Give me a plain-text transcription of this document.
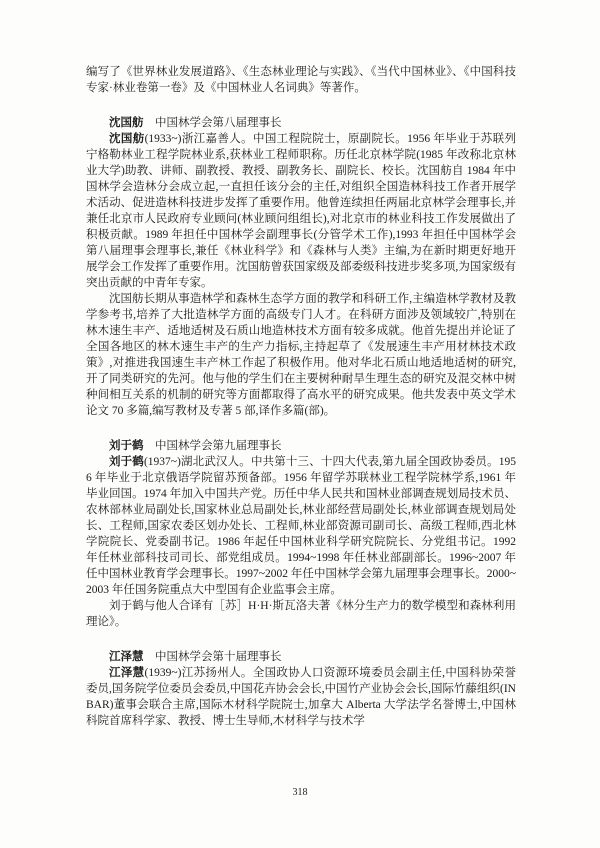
编写了《世界林业发展道路》、《生态林业理论与实践》、《当代中国林业》、《中国科技专家·林业卷第一卷》及《中国林业人名词典》等著作。

沈国舫 中国林学会第八届理事长

沈国舫(1933~)浙江嘉善人。中国工程院院士，原副院长。1956 年毕业于苏联列宁格勒林业工程学院林业系,获林业工程师职称。历任北京林学院(1985 年改称北京林业大学)助教、讲师、副教授、教授、副教务长、副院长、校长。沈国舫自 1984 年中国林学会造林分会成立起,一直担任该分会的主任,对组织全国造林科技工作者开展学术活动、促进造林科技进步发挥了重要作用。他曾连续担任两届北京林学会理事长,并兼任北京市人民政府专业顾问(林业顾问组组长),对北京市的林业科技工作发展做出了积极贡献。1989 年担任中国林学会副理事长(分管学术工作),1993 年担任中国林学会第八届理事会理事长,兼任《林业科学》和《森林与人类》主编,为在新时期更好地开展学会工作发挥了重要作用。沈国舫曾获国家级及部委级科技进步奖多项,为国家级有突出贡献的中青年专家。

沈国舫长期从事造林学和森林生态学方面的教学和科研工作,主编造林学教材及教学参考书,培养了大批造林学方面的高级专门人才。在科研方面涉及领域较广,特别在林木速生丰产、适地适树及石质山地造林技术方面有较多成就。他首先提出并论证了全国各地区的林木速生丰产的生产力指标,主持起草了《发展速生丰产用材林技术政策》,对推进我国速生丰产林工作起了积极作用。他对华北石质山地适地适树的研究,开了同类研究的先河。他与他的学生们在主要树种耐旱生理生态的研究及混交林中树种间相互关系的机制的研究等方面都取得了高水平的研究成果。他共发表中英文学术论文 70 多篇,编写教材及专著 5 部,译作多篇(部)。

刘于鹤 中国林学会第九届理事长

刘于鹤(1937~)湖北武汉人。中共第十三、十四大代表,第九届全国政协委员。1956 年毕业于北京俄语学院留苏预备部。1956 年留学苏联林业工程学院林学系,1961 年毕业回国。1974 年加入中国共产党。历任中华人民共和国林业部调查规划局技术员、农林部林业局副处长,国家林业总局副处长,林业部经营局副处长,林业部调查规划局处长、工程师,国家农委区划办处长、工程师,林业部资源司副司长、高级工程师,西北林学院院长、党委副书记。1986 年起任中国林业科学研究院院长、分党组书记。1992 年任林业部科技司司长、部党组成员。1994~1998 年任林业部副部长。1996~2007 年任中国林业教育学会理事长。1997~2002 年任中国林学会第九届理事会理事长。2000~2003 年任国务院重点大中型国有企业监事会主席。

刘于鹤与他人合译有［苏］H·H·斯瓦洛夫著《林分生产力的数学模型和森林利用理论》。

江泽慧 中国林学会第十届理事长

江泽慧(1939~)江苏扬州人。全国政协人口资源环境委员会副主任,中国科协荣誉委员,国务院学位委员会委员,中国花卉协会会长,中国竹产业协会会长,国际竹藤组织(INBAR)董事会联合主席,国际木材科学院院士,加拿大 Alberta 大学法学名誉博士,中国林科院首席科学家、教授、博士生导师,木材科学与技术学

318
